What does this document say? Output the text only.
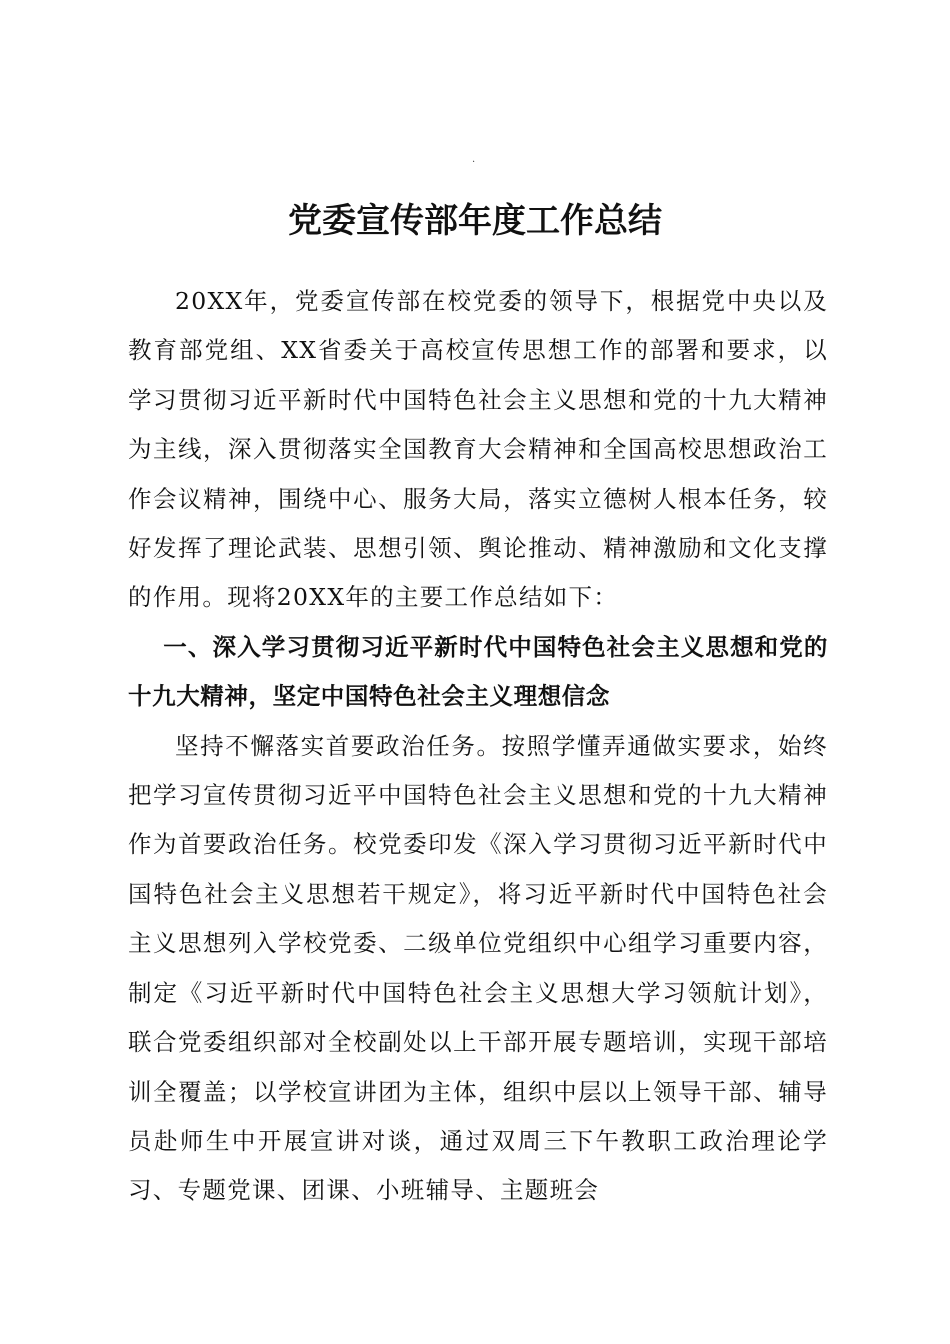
.
党委宣传部年度工作总结

20XX年，党委宣传部在校党委的领导下，根据党中央以及教育部党组、XX省委关于高校宣传思想工作的部署和要求，以学习贯彻习近平新时代中国特色社会主义思想和党的十九大精神为主线，深入贯彻落实全国教育大会精神和全国高校思想政治工作会议精神，围绕中心、服务大局，落实立德树人根本任务，较好发挥了理论武装、思想引领、舆论推动、精神激励和文化支撑的作用。现将20XX年的主要工作总结如下：

一、深入学习贯彻习近平新时代中国特色社会主义思想和党的十九大精神，坚定中国特色社会主义理想信念

坚持不懈落实首要政治任务。按照学懂弄通做实要求，始终把学习宣传贯彻习近平中国特色社会主义思想和党的十九大精神作为首要政治任务。校党委印发《深入学习贯彻习近平新时代中国特色社会主义思想若干规定》，将习近平新时代中国特色社会主义思想列入学校党委、二级单位党组织中心组学习重要内容，制定《习近平新时代中国特色社会主义思想大学习领航计划》，联合党委组织部对全校副处以上干部开展专题培训，实现干部培训全覆盖；以学校宣讲团为主体，组织中层以上领导干部、辅导员赴师生中开展宣讲对谈，通过双周三下午教职工政治理论学习、专题党课、团课、小班辅导、主题班会
